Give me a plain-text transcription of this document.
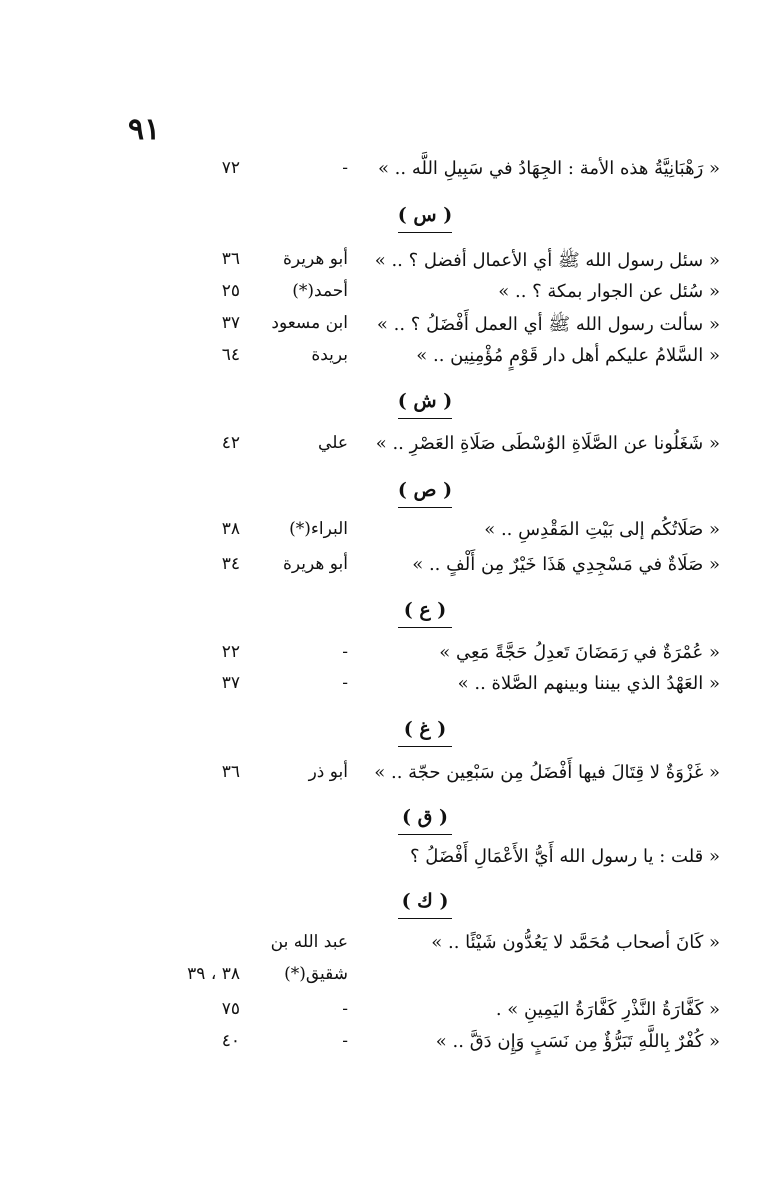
٩١
« رَهْبَانِيَّةُ هذه الأمة : الجِهَادُ في سَبِيلِ اللَّه .. »
-
٧٢
( س )
« سئل رسول الله ﷺ أي الأعمال أفضل ؟ .. »
أبو هريرة
٣٦
« سُئل عن الجوار بمكة ؟ .. »
أحمد(*)
٢٥
« سألت رسول الله ﷺ أي العمل أَفْضَلُ ؟ .. »
ابن مسعود
٣٧
« السَّلامُ عليكم أهل دار قَوْمٍ مُؤْمِنِين .. »
بريدة
٦٤
( ش )
« شَغَلُونا عن الصَّلَاةِ الوُسْطَى صَلَاةِ العَصْرِ .. »
علي
٤٢
( ص )
« صَلَاتُكُم إلى بَيْتِ المَقْدِسِ .. »
البراء(*)
٣٨
« صَلَاةٌ في مَسْجِدِي هَذَا خَيْرٌ مِن أَلْفٍ .. »
أبو هريرة
٣٤
( ع )
« عُمْرَةٌ في رَمَضَانَ تَعدِلُ حَجَّةً مَعِي »
-
٢٢
« العَهْدُ الذي بيننا وبينهم الصَّلاة .. »
-
٣٧
( غ )
« غَزْوَةٌ لا قِتَالَ فيها أَفْضَلُ مِن سَبْعِين حجّة .. »
أبو ذر
٣٦
( ق )
« قلت : يا رسول الله أَيُّ الأَعْمَالِ أَفْضَلُ ؟
( ك )
« كَانَ أصحاب مُحَمَّد لا يَعُدُّون شَيْئًا .. »
عبد الله بن
شقيق(*)
٣٨ ، ٣٩
« كَفَّارَةُ النَّذْرِ كَفَّارَةُ اليَمِينِ » .
-
٧٥
« كُفْرٌ بِاللَّهِ تَبَرُّؤٌ مِن نَسَبٍ وَإِن دَقَّ .. »
-
٤٠
